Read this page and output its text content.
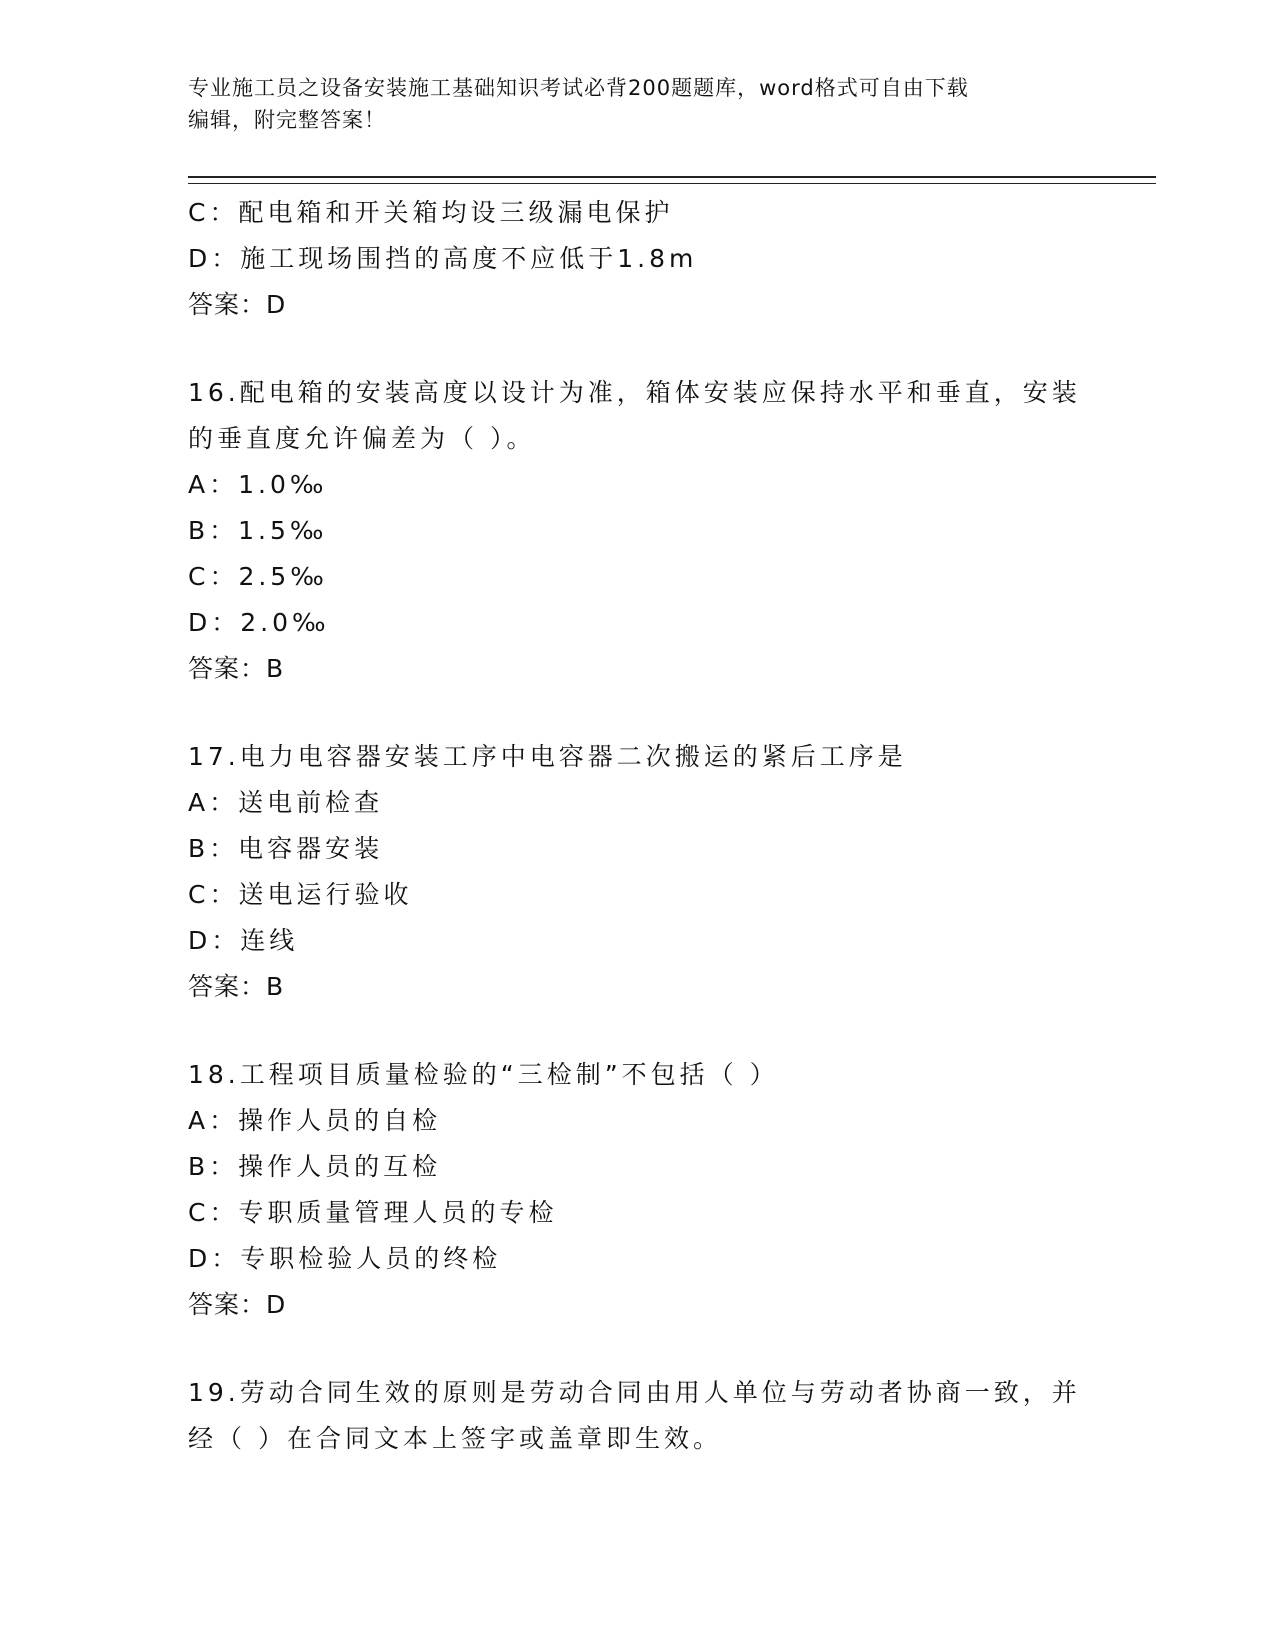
专业施工员之设备安装施工基础知识考试必背200题题库，word格式可自由下载
编辑，附完整答案！
C：配电箱和开关箱均设三级漏电保护
D：施工现场围挡的高度不应低于1.8m
答案：D
16.配电箱的安装高度以设计为准，箱体安装应保持水平和垂直，安装
的垂直度允许偏差为（ ）。
A：1.0‰
B：1.5‰
C：2.5‰
D：2.0‰
答案：B
17.电力电容器安装工序中电容器二次搬运的紧后工序是
A：送电前检查
B：电容器安装
C：送电运行验收
D：连线
答案：B
18.工程项目质量检验的“三检制”不包括（ ）
A：操作人员的自检
B：操作人员的互检
C：专职质量管理人员的专检
D：专职检验人员的终检
答案：D
19.劳动合同生效的原则是劳动合同由用人单位与劳动者协商一致，并
经（ ）在合同文本上签字或盖章即生效。
